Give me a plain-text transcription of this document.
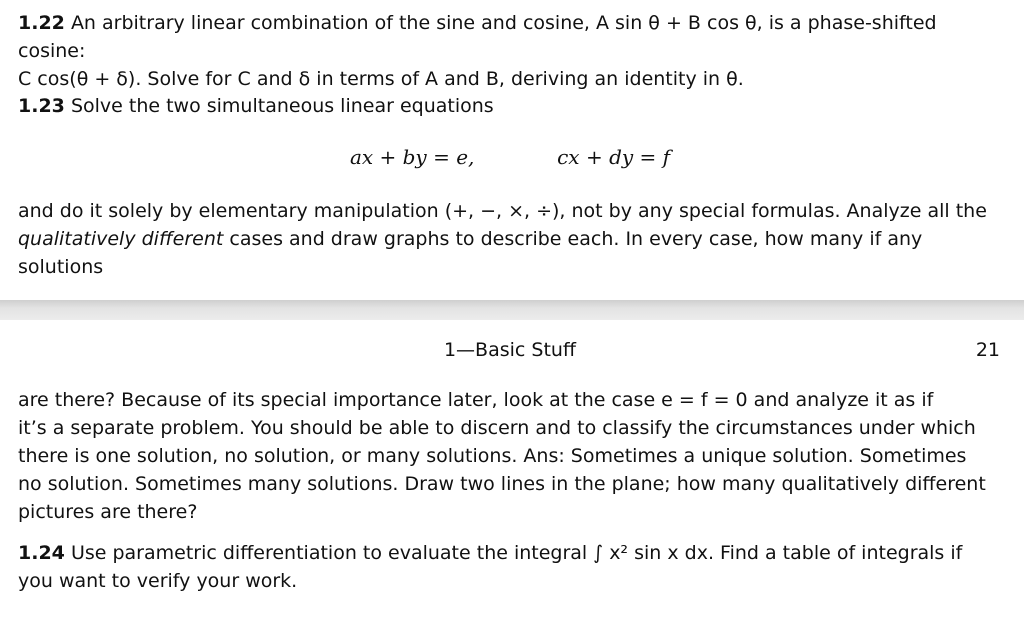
1.22 An arbitrary linear combination of the sine and cosine, A sin θ + B cos θ, is a phase-shifted cosine:
C cos(θ + δ). Solve for C and δ in terms of A and B, deriving an identity in θ.
1.23 Solve the two simultaneous linear equations
ax + by = e,	cx + dy = f
and do it solely by elementary manipulation (+, −, ×, ÷), not by any special formulas. Analyze all the
qualitatively different cases and draw graphs to describe each. In every case, how many if any solutions
1—Basic Stuff	21
are there? Because of its special importance later, look at the case e = f = 0 and analyze it as if
it’s a separate problem. You should be able to discern and to classify the circumstances under which
there is one solution, no solution, or many solutions. Ans: Sometimes a unique solution. Sometimes
no solution. Sometimes many solutions. Draw two lines in the plane; how many qualitatively different
pictures are there?
1.24 Use parametric differentiation to evaluate the integral ∫ x² sin x dx. Find a table of integrals if
you want to verify your work.
